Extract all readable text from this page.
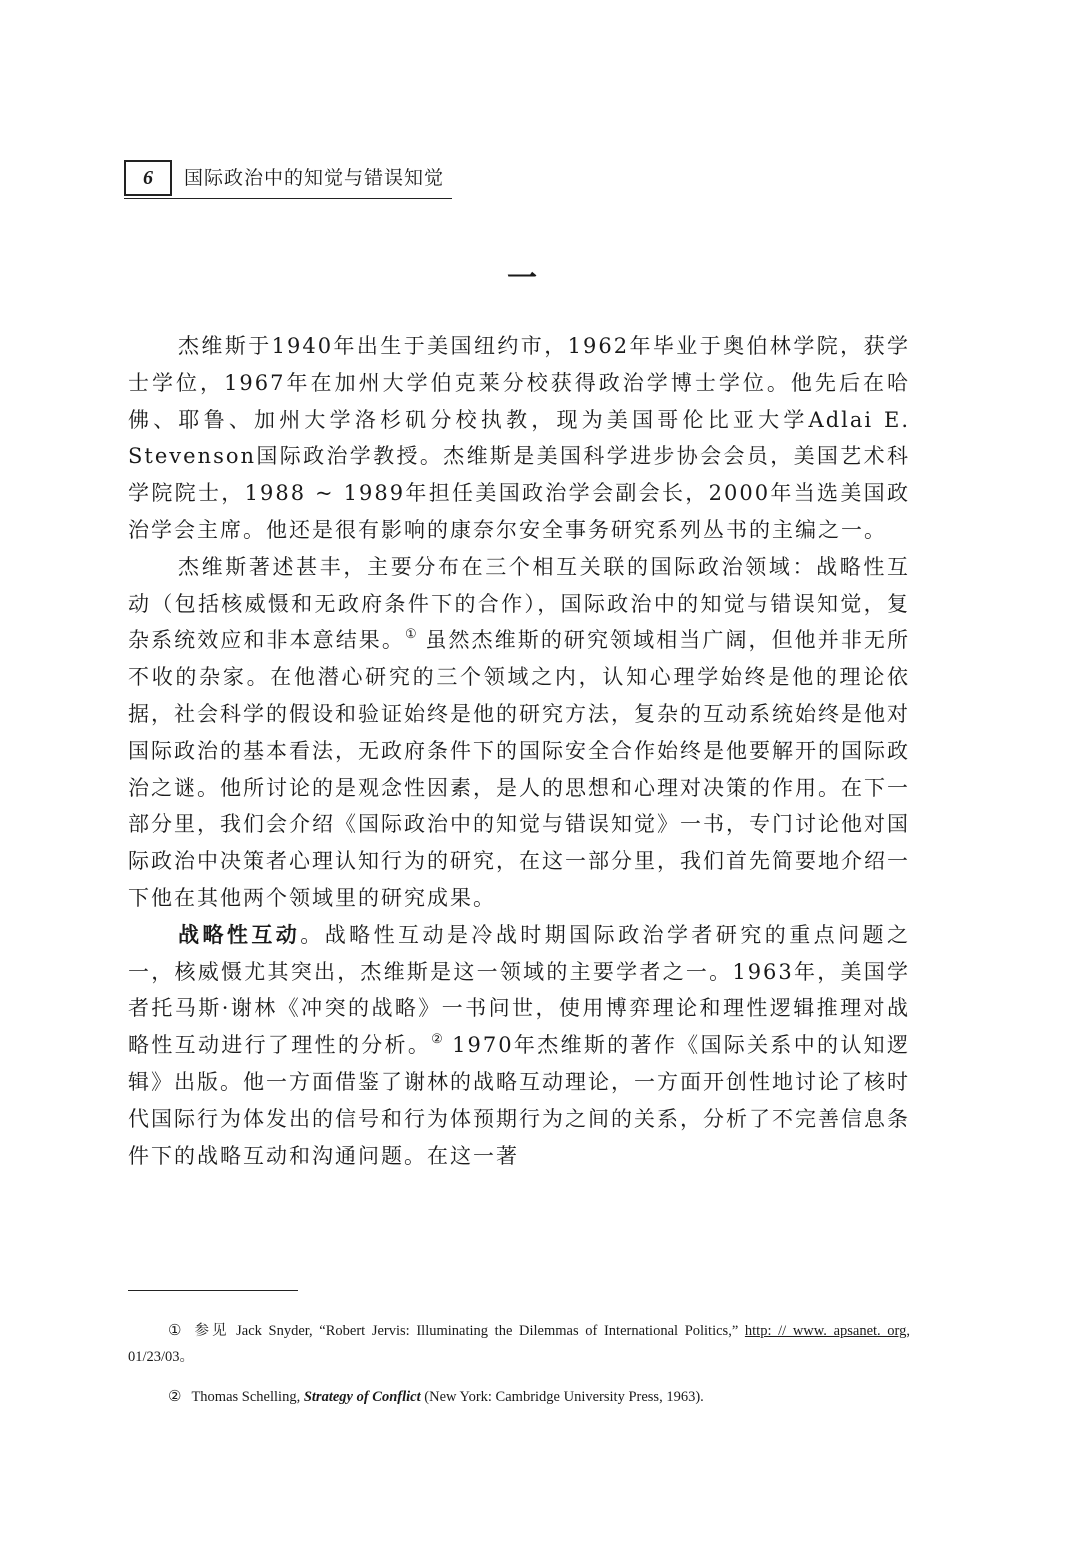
6	国际政治中的知觉与错误知觉
一

杰维斯于1940年出生于美国纽约市，1962年毕业于奥伯林学院，获学士学位，1967年在加州大学伯克莱分校获得政治学博士学位。他先后在哈佛、耶鲁、加州大学洛杉矶分校执教，现为美国哥伦比亚大学Adlai E. Stevenson国际政治学教授。杰维斯是美国科学进步协会会员，美国艺术科学院院士，1988 ~ 1989年担任美国政治学会副会长，2000年当选美国政治学会主席。他还是很有影响的康奈尔安全事务研究系列丛书的主编之一。

杰维斯著述甚丰，主要分布在三个相互关联的国际政治领域：战略性互动（包括核威慑和无政府条件下的合作），国际政治中的知觉与错误知觉，复杂系统效应和非本意结果。① 虽然杰维斯的研究领域相当广阔，但他并非无所不收的杂家。在他潜心研究的三个领域之内，认知心理学始终是他的理论依据，社会科学的假设和验证始终是他的研究方法，复杂的互动系统始终是他对国际政治的基本看法，无政府条件下的国际安全合作始终是他要解开的国际政治之谜。他所讨论的是观念性因素，是人的思想和心理对决策的作用。在下一部分里，我们会介绍《国际政治中的知觉与错误知觉》一书，专门讨论他对国际政治中决策者心理认知行为的研究，在这一部分里，我们首先简要地介绍一下他在其他两个领域里的研究成果。

战略性互动。战略性互动是冷战时期国际政治学者研究的重点问题之一，核威慑尤其突出，杰维斯是这一领域的主要学者之一。1963年，美国学者托马斯·谢林《冲突的战略》一书问世，使用博弈理论和理性逻辑推理对战略性互动进行了理性的分析。② 1970年杰维斯的著作《国际关系中的认知逻辑》出版。他一方面借鉴了谢林的战略互动理论，一方面开创性地讨论了核时代国际行为体发出的信号和行为体预期行为之间的关系，分析了不完善信息条件下的战略互动和沟通问题。在这一著

① 参见 Jack Snyder, “Robert Jervis: Illuminating the Dilemmas of International Politics,” http: // www. apsanet. org, 01/23/03。

② Thomas Schelling, Strategy of Conflict (New York: Cambridge University Press, 1963).
